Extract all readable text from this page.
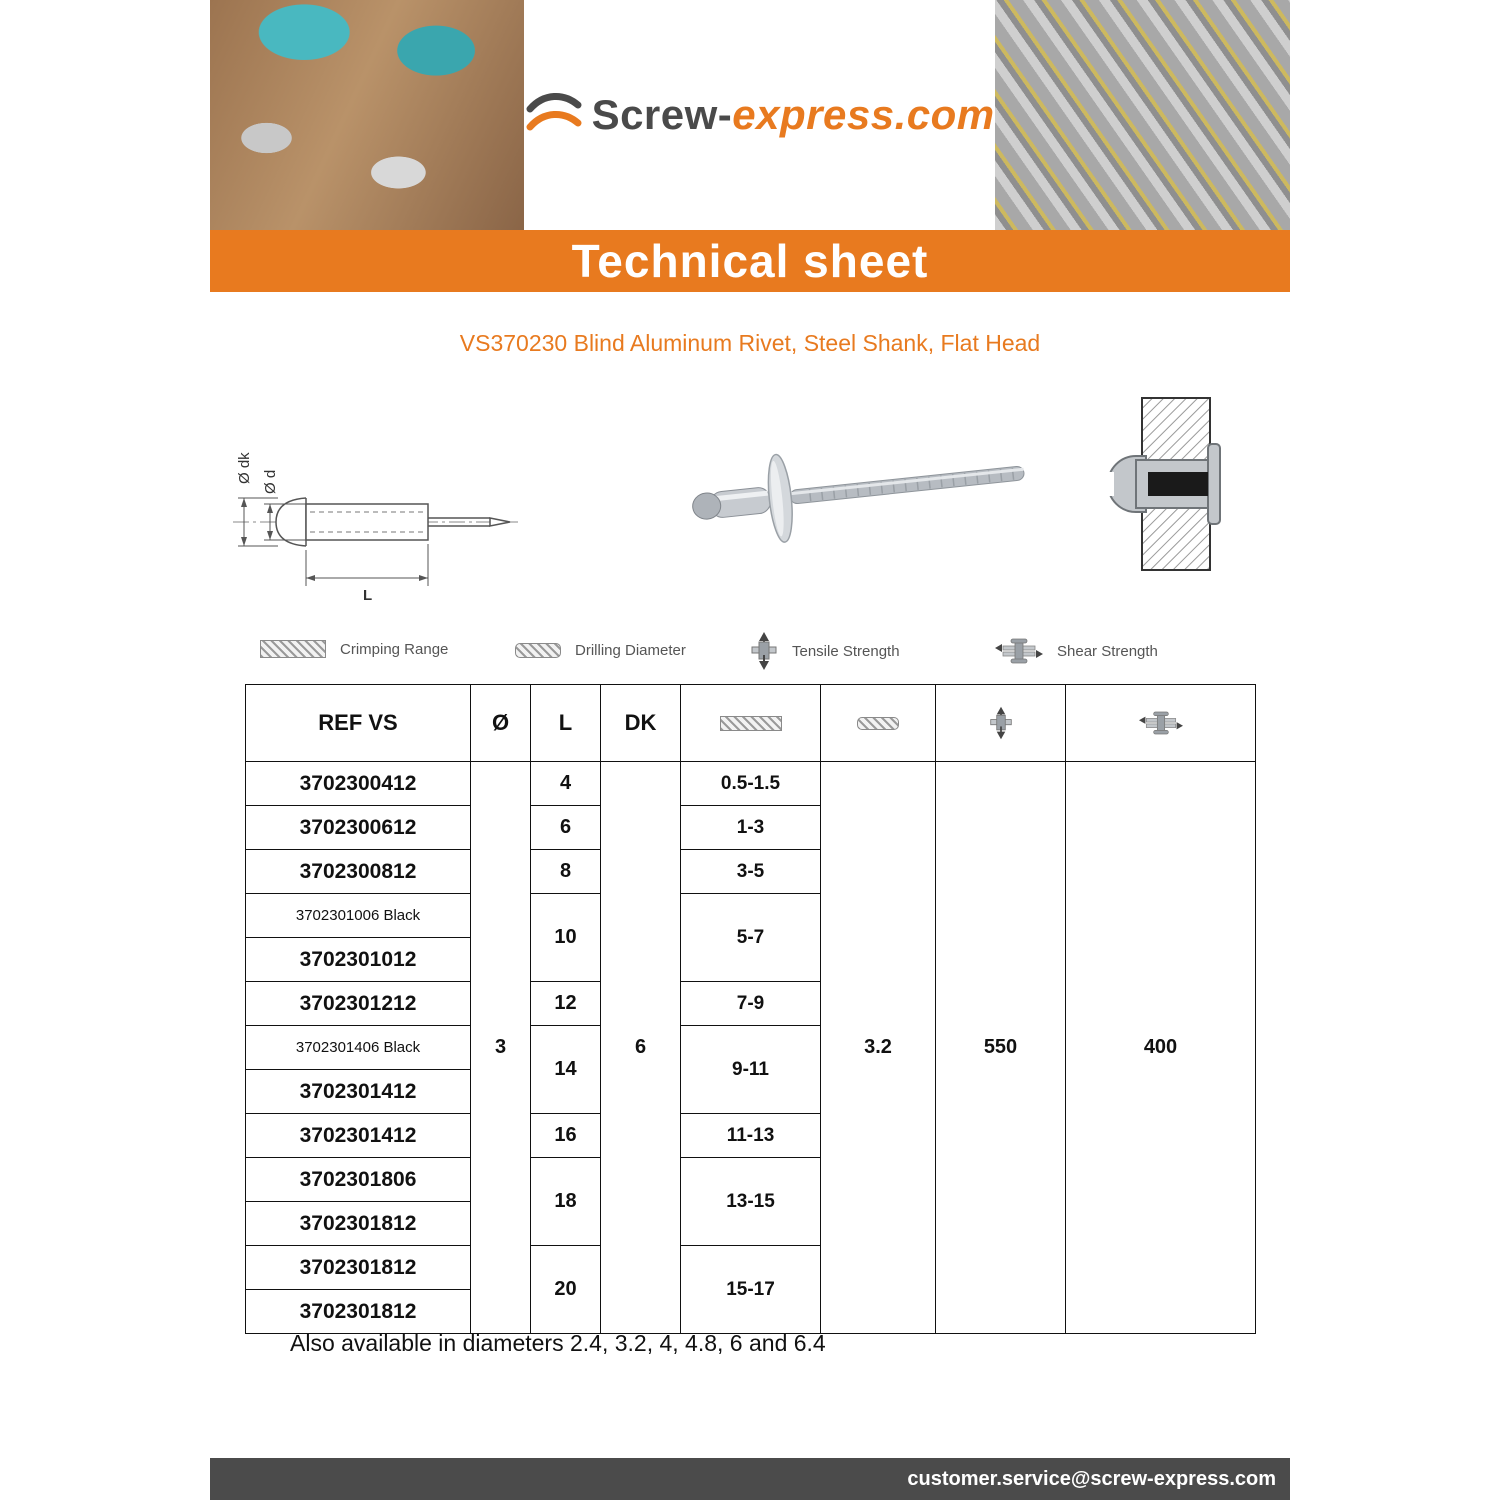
Screw-express.com
Technical sheet
VS370230 Blind Aluminum Rivet, Steel Shank, Flat Head
L
Ø d
Ø dk
Crimping Range	Drilling Diameter	Tensile Strength	Shear Strength
REF VS	Ø	L	DK	

3702300412	3	4	6	0.5-1.5	3.2	550	400
3702300612		6		1-3			
3702300812		8		3-5			
3702301006 Black		10		5-7			
3702301012							
3702301212		12		7-9			
3702301406 Black		14		9-11			
3702301412							
3702301412		16		11-13			
3702301806		18		13-15			
3702301812							
3702301812		20		15-17			
3702301812							
Also available in diameters 2.4, 3.2, 4, 4.8, 6 and 6.4
customer.service@screw-express.com
